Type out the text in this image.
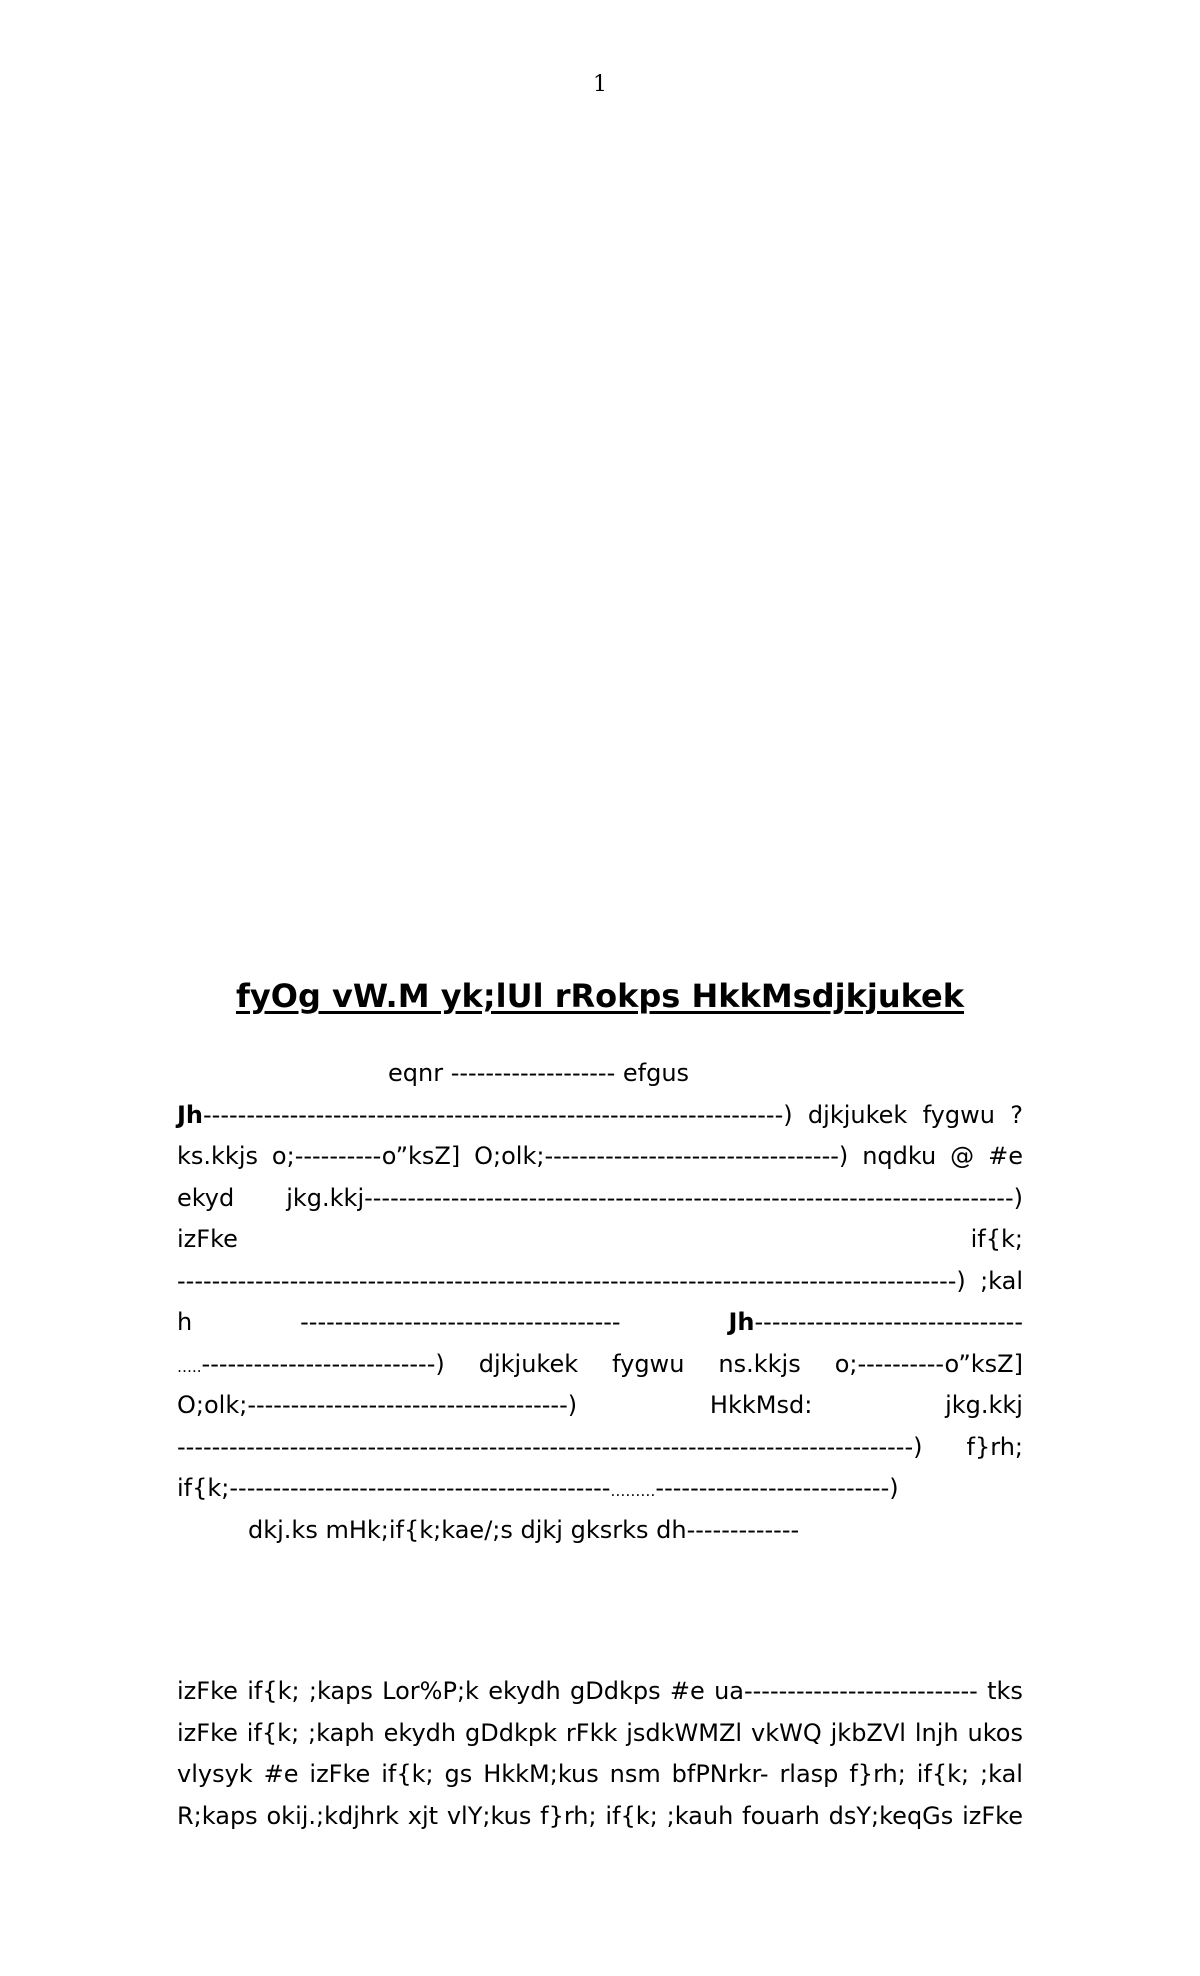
1
fyOg vW.M yk;lUl rRokps HkkMsdjkjukek
eqnr ------------------- efgus
Jh-------------------------------------------------------------------) djkjukek fygwu ?
ks.kkjs o;----------o”ksZ] O;olk;----------------------------------) nqdku @ #e
ekyd jkg.kkj---------------------------------------------------------------------------)
izFke	if{k;
------------------------------------------------------------------------------------------) ;kal
h	-------------------------------------	Jh-------------------------------
…..---------------------------) djkjukek fygwu ns.kkjs o;----------o”ksZ]
O;olk;-------------------------------------)	HkkMsd:	jkg.kkj
-------------------------------------------------------------------------------------) f}rh;
if{k;--------------------------------------------………---------------------------)
dkj.ks mHk;if{k;kae/;s djkj gksrks dh-------------
izFke if{k; ;kaps Lor%P;k ekydh gDdkps #e ua--------------------------- tks
izFke if{k; ;kaph ekydh gDdkpk rFkk jsdkWMZl vkWQ jkbZVl lnjh ukos
vlysyk #e izFke if{k; gs HkkM;kus nsm bfPNrkr- rlasp f}rh; if{k; ;kal
R;kaps okij.;kdjhrk xjt vlY;kus f}rh; if{k; ;kauh fouarh dsY;keqGs izFke
